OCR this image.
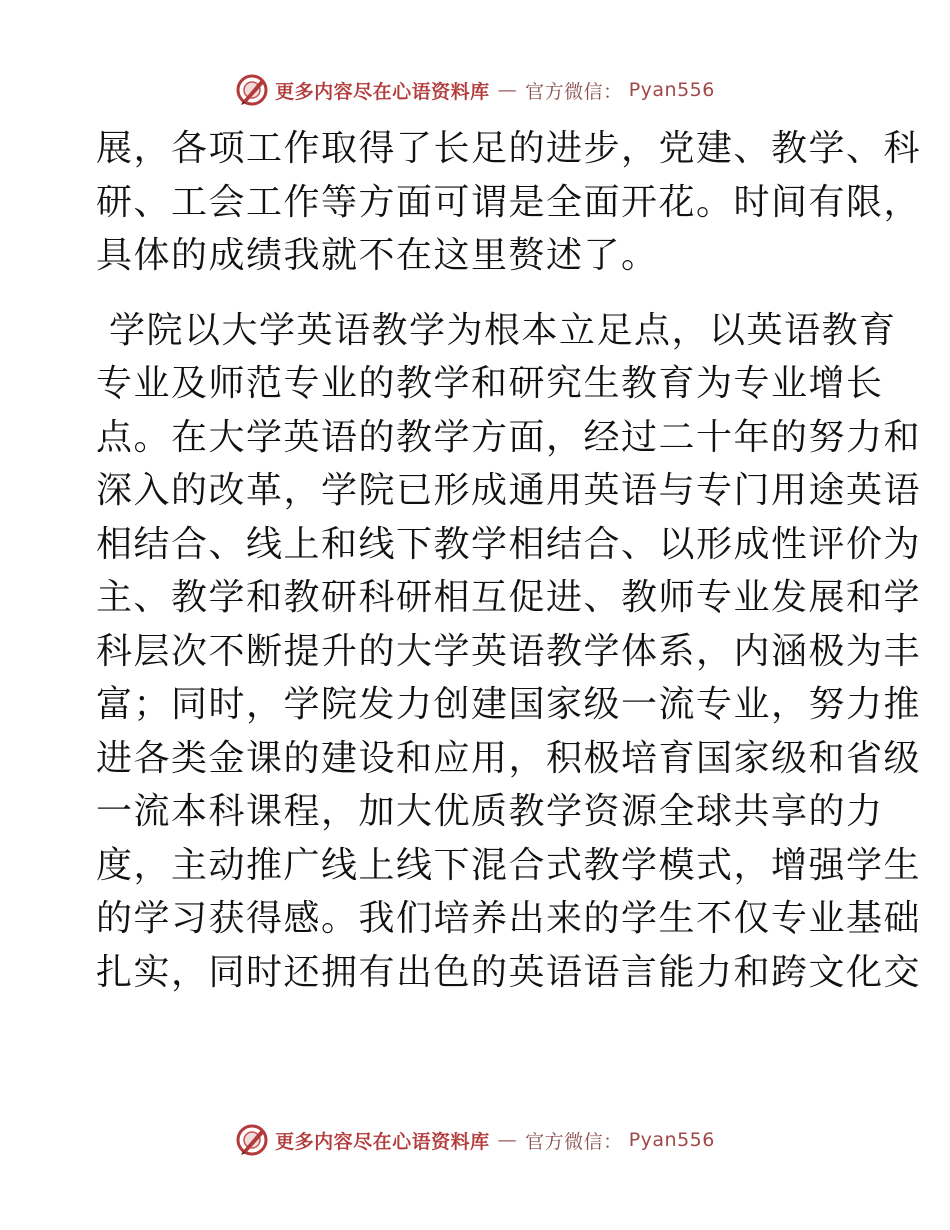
更多内容尽在心语资料库 — 官方微信： Pyan556
展，各项工作取得了长足的进步，党建、教学、科
研、工会工作等方面可谓是全面开花。时间有限，
具体的成绩我就不在这里赘述了。
学院以大学英语教学为根本立足点，以英语教育
专业及师范专业的教学和研究生教育为专业增长
点。在大学英语的教学方面，经过二十年的努力和
深入的改革，学院已形成通用英语与专门用途英语
相结合、线上和线下教学相结合、以形成性评价为
主、教学和教研科研相互促进、教师专业发展和学
科层次不断提升的大学英语教学体系，内涵极为丰
富；同时，学院发力创建国家级一流专业，努力推
进各类金课的建设和应用，积极培育国家级和省级
一流本科课程，加大优质教学资源全球共享的力
度，主动推广线上线下混合式教学模式，增强学生
的学习获得感。我们培养出来的学生不仅专业基础
扎实，同时还拥有出色的英语语言能力和跨文化交
更多内容尽在心语资料库 — 官方微信： Pyan556
